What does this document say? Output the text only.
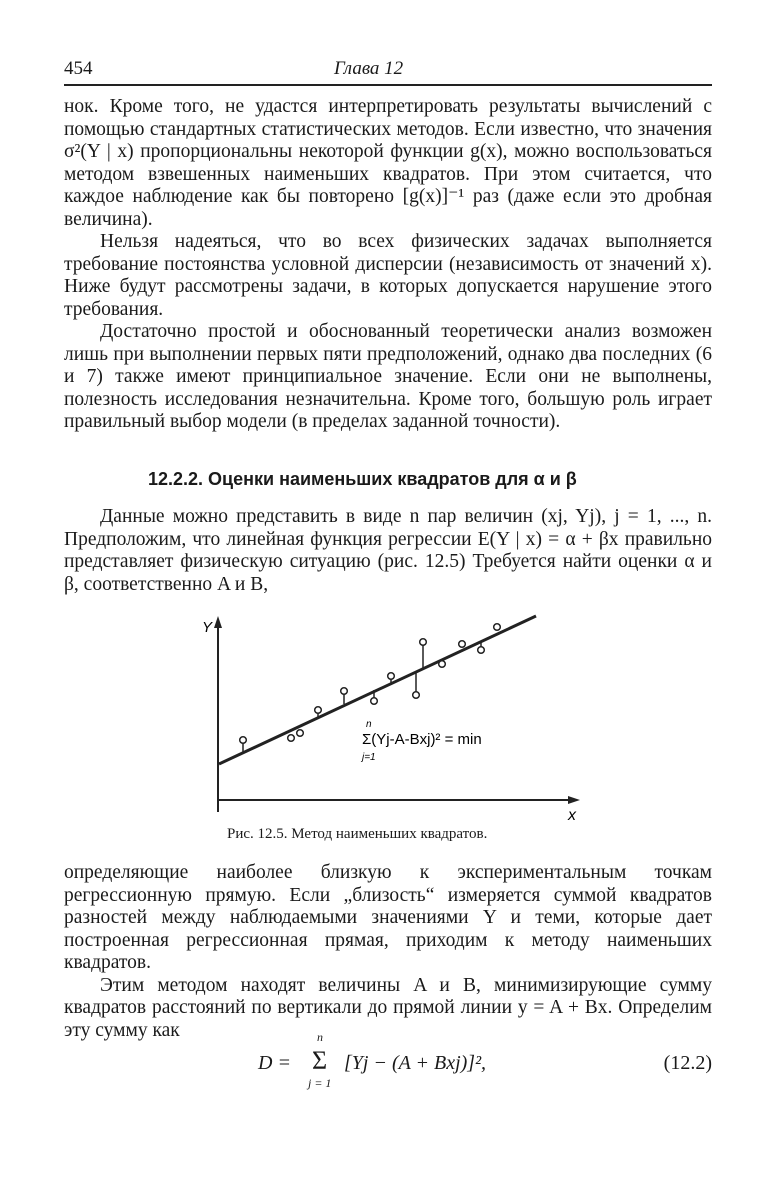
454	Глава 12

нок. Кроме того, не удастся интерпретировать результаты вычислений с помощью стандартных статистических методов. Если известно, что значения σ²(Y | x) пропорциональны некоторой функции g(x), можно воспользоваться методом взвешенных наименьших квадратов. При этом считается, что каждое наблюдение как бы повторено [g(x)]⁻¹ раз (даже если это дробная величина).

Нельзя надеяться, что во всех физических задачах выполняется требование постоянства условной дисперсии (независимость от значений x). Ниже будут рассмотрены задачи, в которых допускается нарушение этого требования.

Достаточно простой и обоснованный теоретически анализ возможен лишь при выполнении первых пяти предположений, однако два последних (6 и 7) также имеют принципиальное значение. Если они не выполнены, полезность исследования незначительна. Кроме того, большую роль играет правильный выбор модели (в пределах заданной точности).

12.2.2. Оценки наименьших квадратов для α и β

Данные можно представить в виде n пар величин (xj, Yj), j = 1, ..., n. Предположим, что линейная функция регрессии E(Y | x) = α + βx правильно представляет физическую ситуацию (рис. 12.5) Требуется найти оценки α и β, соответственно A и B,

Y
x
n
Σ(Yj-A-Bxj)² = min
j=1
Рис. 12.5. Метод наименьших квадратов.

определяющие наиболее близкую к экспериментальным точкам регрессионную прямую. Если „близость“ измеряется суммой квадратов разностей между наблюдаемыми значениями Y и теми, которые дает построенная регрессионная прямая, приходим к методу наименьших квадратов.

Этим методом находят величины A и B, минимизирующие сумму квадратов расстояний по вертикали до прямой линии y = A + Bx. Определим эту сумму как

D =
n
Σ
j = 1
[Yj − (A + Bxj)]²,	(12.2)
